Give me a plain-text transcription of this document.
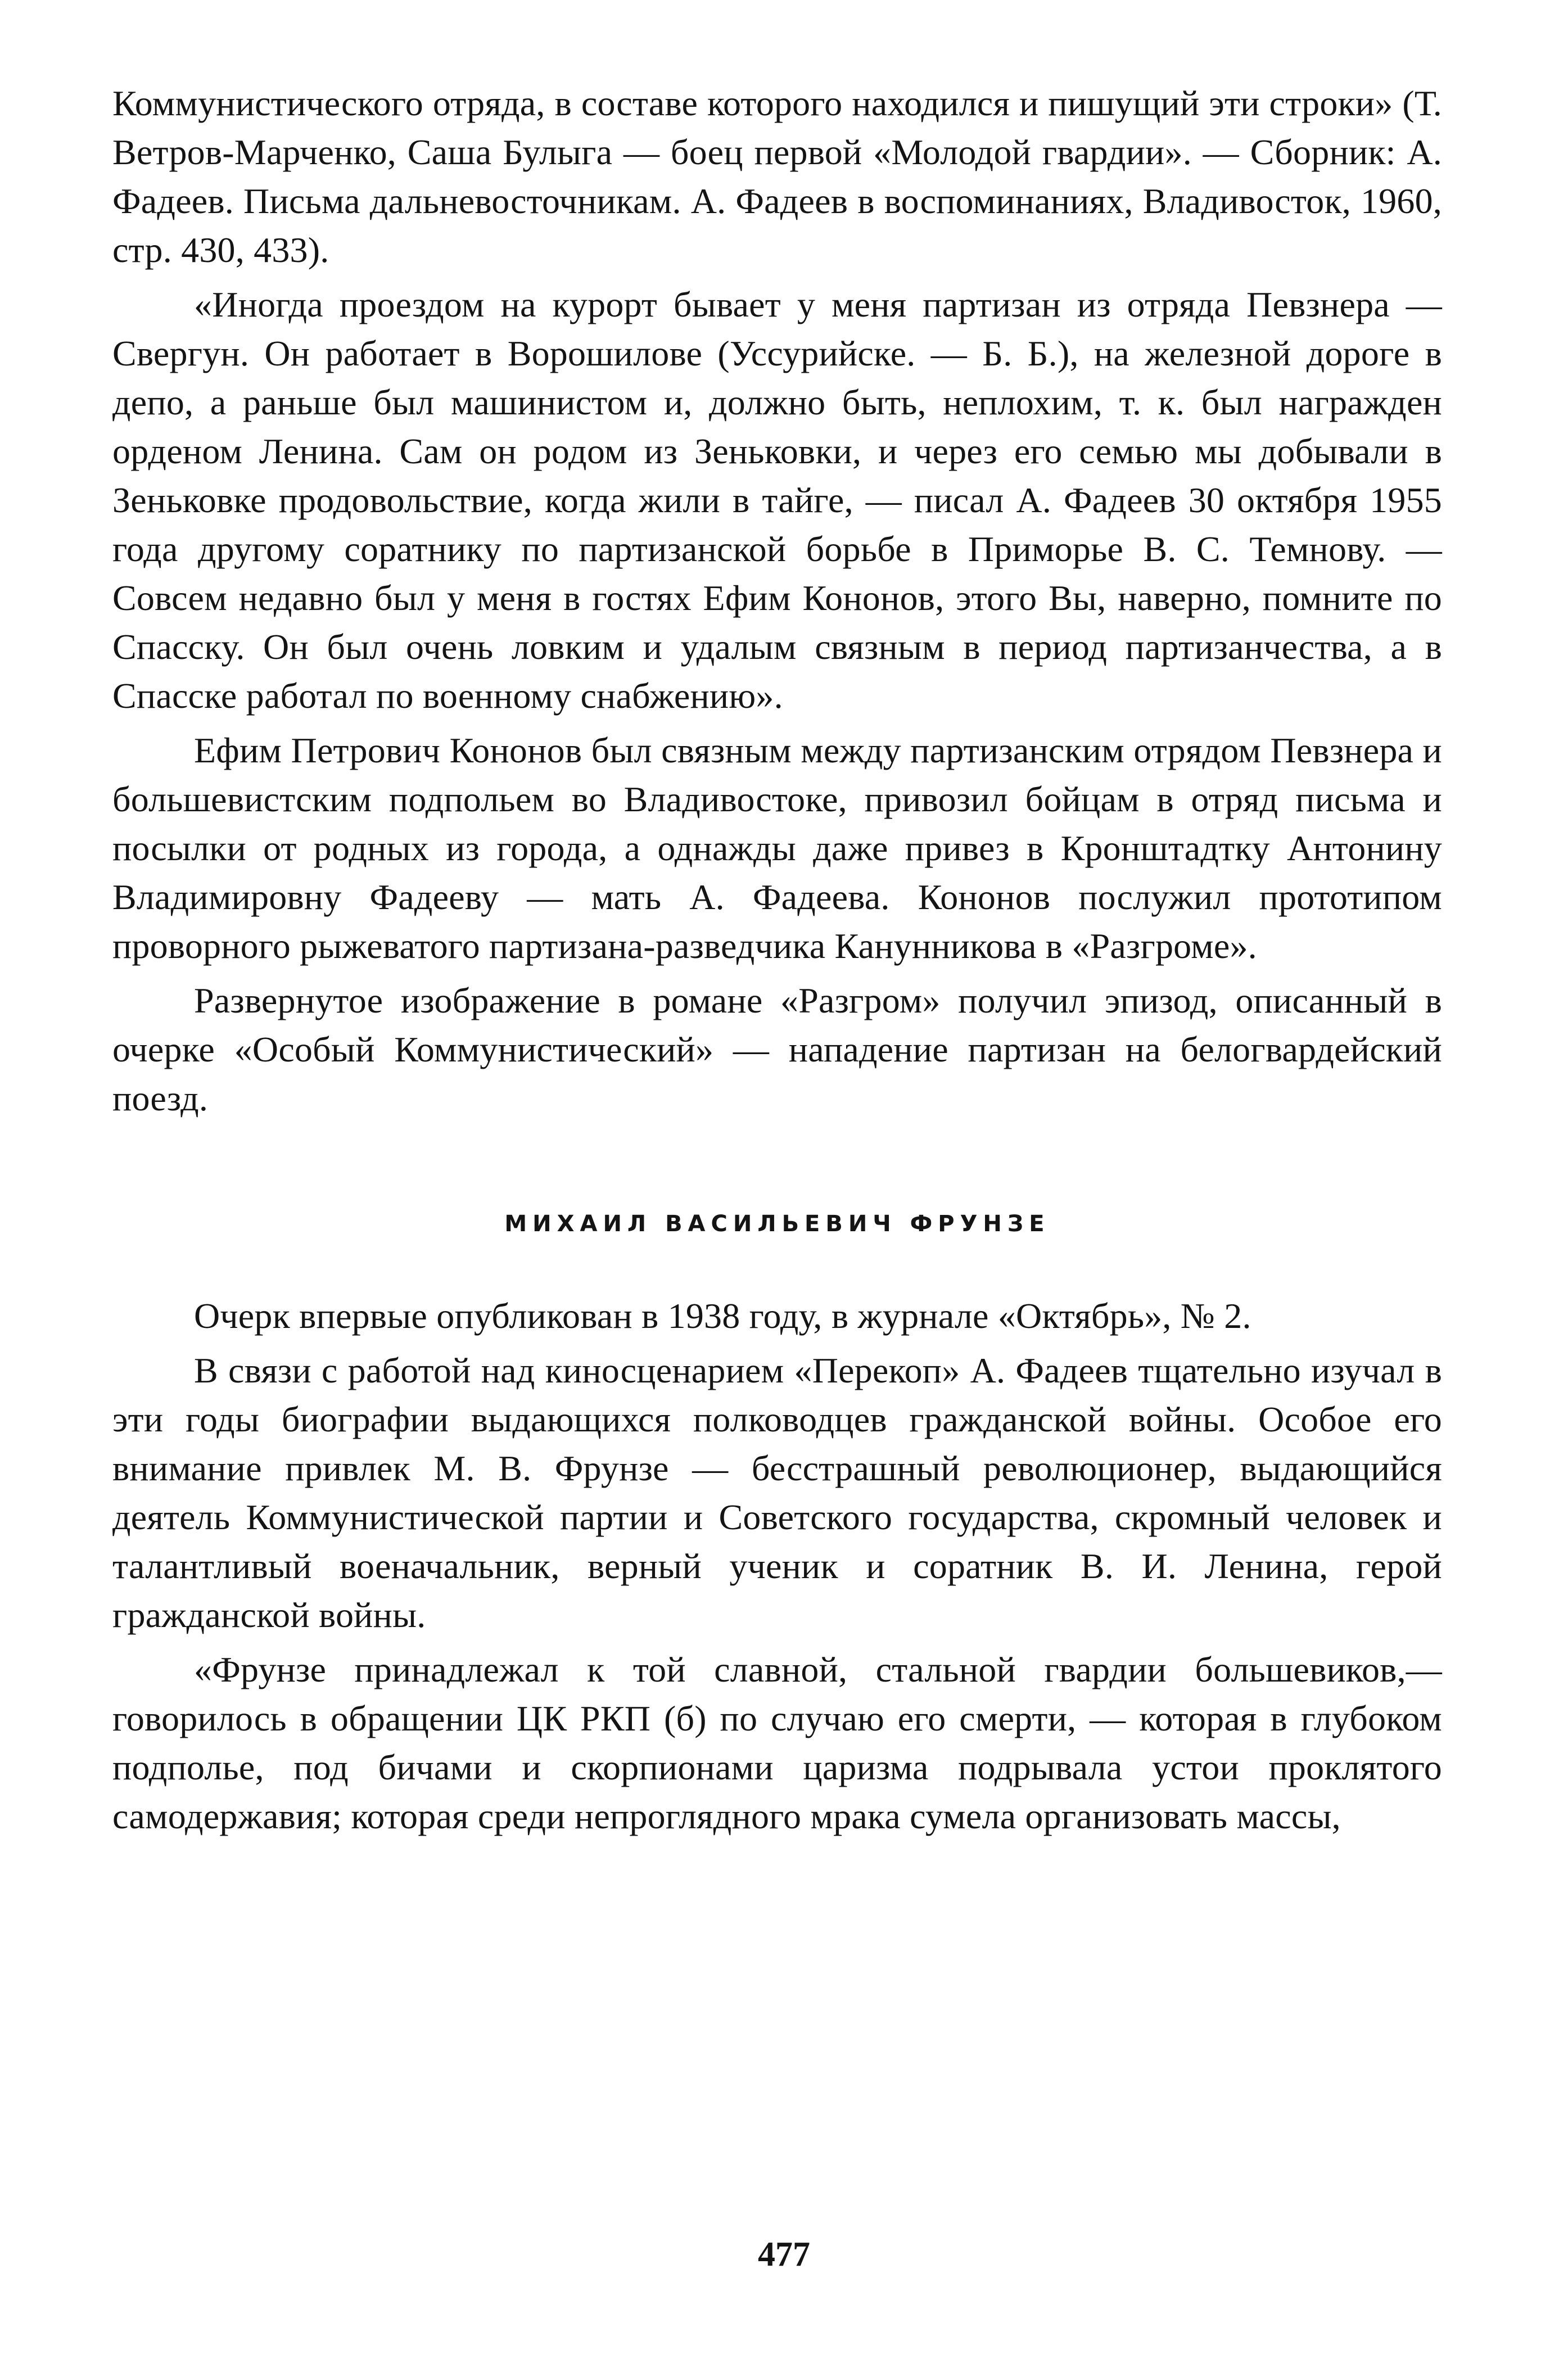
Коммунистического отряда, в составе которого находился и пишущий эти строки» (Т. Ветров-Марченко, Саша Булыга — боец первой «Молодой гвардии». — Сборник: А. Фадеев. Письма дальневосточникам. А. Фадеев в воспоминаниях, Владивосток, 1960, стр. 430, 433).

«Иногда проездом на курорт бывает у меня партизан из отряда Певзнера — Свергун. Он работает в Ворошилове (Уссурийске. — Б. Б.), на железной дороге в депо, а раньше был машинистом и, должно быть, неплохим, т. к. был награжден орденом Ленина. Сам он родом из Зеньковки, и через его семью мы добывали в Зеньковке продовольствие, когда жили в тайге, — писал А. Фадеев 30 октября 1955 года другому соратнику по партизанской борьбе в Приморье В. С. Темнову. — Совсем недавно был у меня в гостях Ефим Кононов, этого Вы, наверно, помните по Спасску. Он был очень ловким и удалым связным в период партизанчества, а в Спасске работал по военному снабжению».

Ефим Петрович Кононов был связным между партизанским отрядом Певзнера и большевистским подпольем во Владивостоке, привозил бойцам в отряд письма и посылки от родных из города, а однажды даже привез в Кронштадтку Антонину Владимировну Фадееву — мать А. Фадеева. Кононов послужил прототипом проворного рыжеватого партизана-разведчика Канунникова в «Разгроме».

Развернутое изображение в романе «Разгром» получил эпизод, описанный в очерке «Особый Коммунистический» — нападение партизан на белогвардейский поезд.

МИХАИЛ ВАСИЛЬЕВИЧ ФРУНЗЕ

Очерк впервые опубликован в 1938 году, в журнале «Октябрь», № 2.

В связи с работой над киносценарием «Перекоп» А. Фадеев тщательно изучал в эти годы биографии выдающихся полководцев гражданской войны. Особое его внимание привлек М. В. Фрунзе — бесстрашный революционер, выдающийся деятель Коммунистической партии и Советского государства, скромный человек и талантливый военачальник, верный ученик и соратник В. И. Ленина, герой гражданской войны.

«Фрунзе принадлежал к той славной, стальной гвардии большевиков,— говорилось в обращении ЦК РКП (б) по случаю его смерти, — которая в глубоком подполье, под бичами и скорпионами царизма подрывала устои проклятого самодержавия; которая среди непроглядного мрака сумела организовать массы,

477
